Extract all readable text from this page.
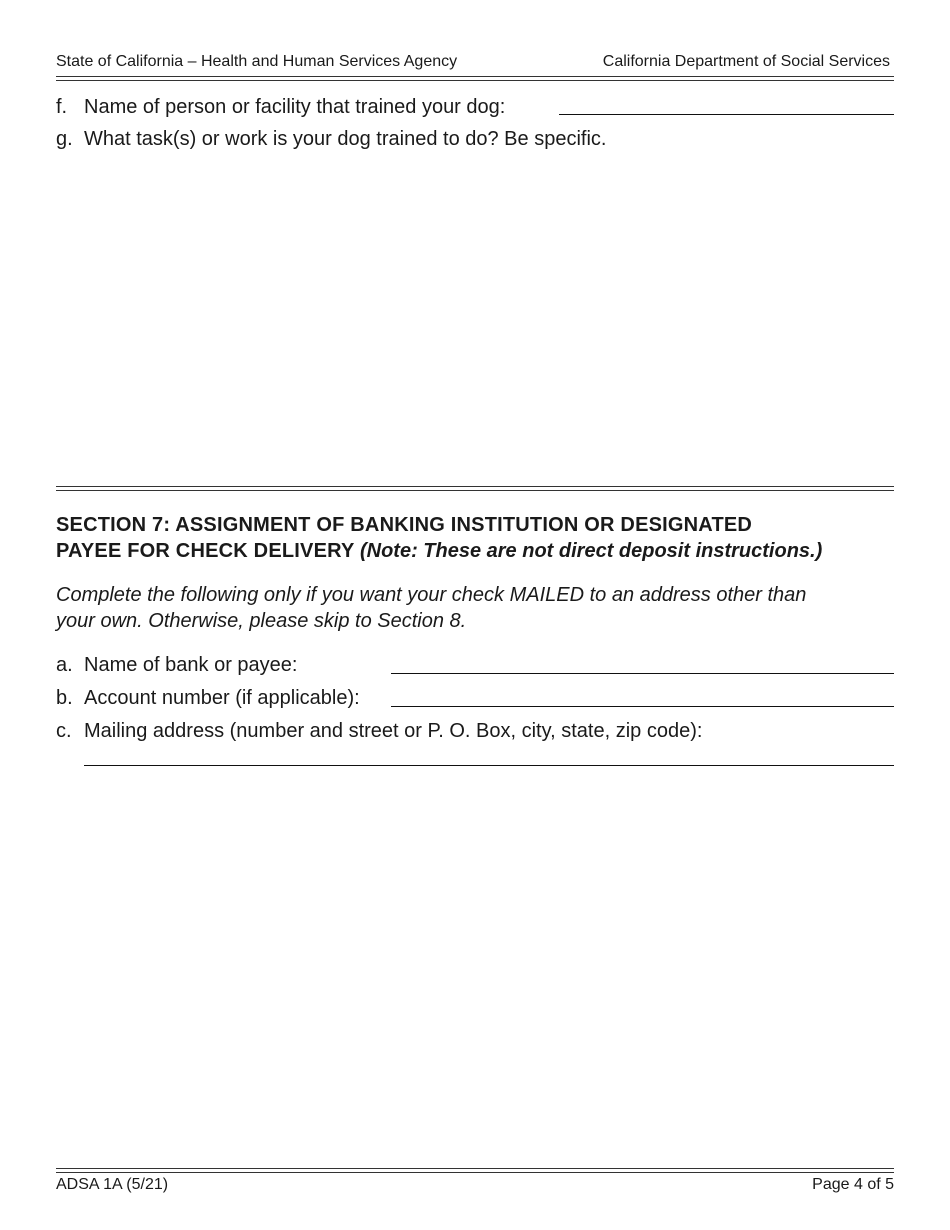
State of California – Health and Human Services Agency	California Department of Social Services
f. Name of person or facility that trained your dog:
g. What task(s) or work is your dog trained to do? Be specific.
SECTION 7: ASSIGNMENT OF BANKING INSTITUTION OR DESIGNATED
PAYEE FOR CHECK DELIVERY (Note: These are not direct deposit instructions.)
Complete the following only if you want your check MAILED to an address other than
your own. Otherwise, please skip to Section 8.
a. Name of bank or payee:
b. Account number (if applicable):
c. Mailing address (number and street or P. O. Box, city, state, zip code):
ADSA 1A (5/21)	Page 4 of 5
